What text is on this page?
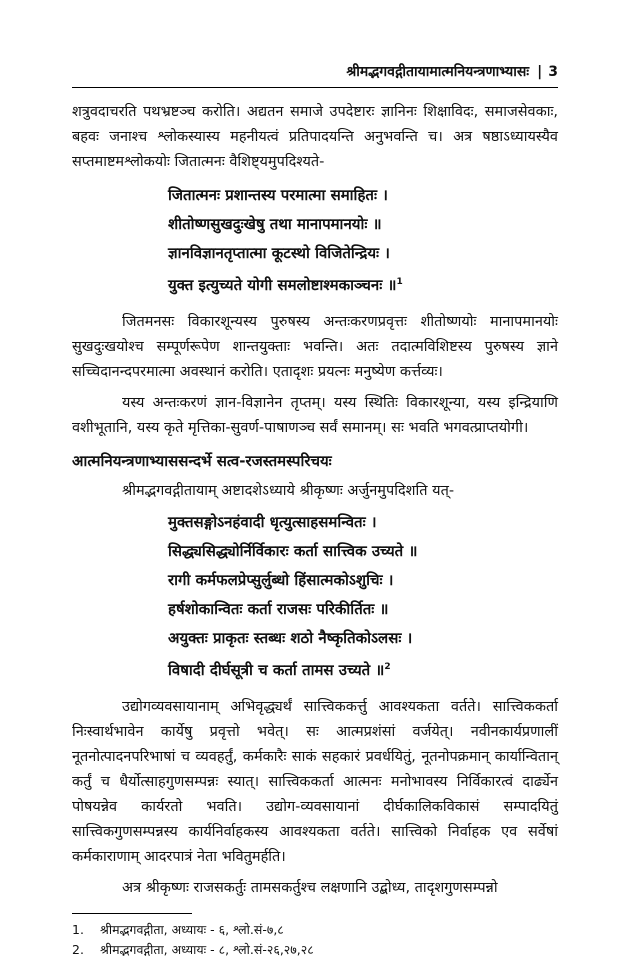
श्रीमद्भगवद्गीतायामात्मनियन्त्रणाभ्यासः | 3

शत्रुवदाचरति पथभ्रष्टञ्च करोति। अद्यतन समाजे उपदेष्टारः ज्ञानिनः शिक्षाविदः, समाजसेवकाः, बहवः जनाश्च श्लोकस्यास्य महनीयत्वं प्रतिपादयन्ति अनुभवन्ति च। अत्र षष्ठाऽध्यायस्यैव सप्तमाष्टमश्लोकयोः जितात्मनः वैशिष्ट्यमुपदिश्यते-

जितात्मनः प्रशान्तस्य परमात्मा समाहितः ।
शीतोष्णसुखदुःखेषु तथा मानापमानयोः ॥
ज्ञानविज्ञानतृप्तात्मा कूटस्थो विजितेन्द्रियः ।
युक्त इत्युच्यते योगी समलोष्टाश्मकाञ्चनः ॥$^1$

जितमनसः विकारशून्यस्य पुरुषस्य अन्तःकरणप्रवृत्तः शीतोष्णयोः मानापमानयोः सुखदुःखयोश्च सम्पूर्णरूपेण शान्तयुक्ताः भवन्ति। अतः तदात्मविशिष्टस्य पुरुषस्य ज्ञाने सच्चिदानन्दपरमात्मा अवस्थानं करोति। एतादृशः प्रयत्नः मनुष्येण कर्त्तव्यः।

यस्य अन्तःकरणं ज्ञान-विज्ञानेन तृप्तम्। यस्य स्थितिः विकारशून्या, यस्य इन्द्रियाणि वशीभूतानि, यस्य कृते मृत्तिका-सुवर्ण-पाषाणञ्च सर्वं समानम्। सः भवति भगवत्प्राप्तयोगी।

आत्मनियन्त्रणाभ्याससन्दर्भे सत्व-रजस्तमस्परिचयः
श्रीमद्भगवद्गीतायाम् अष्टादशेऽध्याये श्रीकृष्णः अर्जुनमुपदिशति यत्-
मुक्तसङ्गोऽनहंवादी धृत्युत्साहसमन्वितः ।
सिद्ध्यसिद्ध्योर्निर्विकारः कर्ता सात्त्विक उच्यते ॥
रागी कर्मफलप्रेप्सुर्लुब्धो हिंसात्मकोऽशुचिः ।
हर्षशोकान्वितः कर्ता राजसः परिकीर्तितः ॥
अयुक्तः प्राकृतः स्तब्धः शठो नैष्कृतिकोऽलसः ।
विषादी दीर्घसूत्री च कर्ता तामस उच्यते ॥$^2$

उद्योगव्यवसायानाम् अभिवृद्ध्यर्थं सात्त्विककर्त्तु आवश्यकता वर्तते। सात्त्विककर्ता निःस्वार्थभावेन कार्येषु प्रवृत्तो भवेत्। सः आत्मप्रशंसां वर्जयेत्। नवीनकार्यप्रणालीं नूतनोत्पादनपरिभाषां च व्यवहर्तुं, कर्मकारैः साकं सहकारं प्रवर्धयितुं, नूतनोपक्रमान् कार्यान्वितान् कर्तुं च धैर्योत्साहगुणसम्पन्नः स्यात्। सात्त्विककर्ता आत्मनः मनोभावस्य निर्विकारत्वं दार्ढ्येन पोषयन्नेव कार्यरतो भवति। उद्योग-व्यवसायानां दीर्घकालिकविकासं सम्पादयितुं सात्त्विकगुणसम्पन्नस्य कार्यनिर्वाहकस्य आवश्यकता वर्तते। सात्त्विको निर्वाहक एव सर्वेषां कर्मकाराणाम् आदरपात्रं नेता भवितुमर्हति।

अत्र श्रीकृष्णः राजसकर्तुः तामसकर्तुश्च लक्षणानि उद्बोध्य, तादृशगुणसम्पन्नो

1.	श्रीमद्भगवद्गीता, अध्यायः - ६, श्लो.सं-७,८
2.	श्रीमद्भगवद्गीता, अध्यायः - ८, श्लो.सं-२६,२७,२८
